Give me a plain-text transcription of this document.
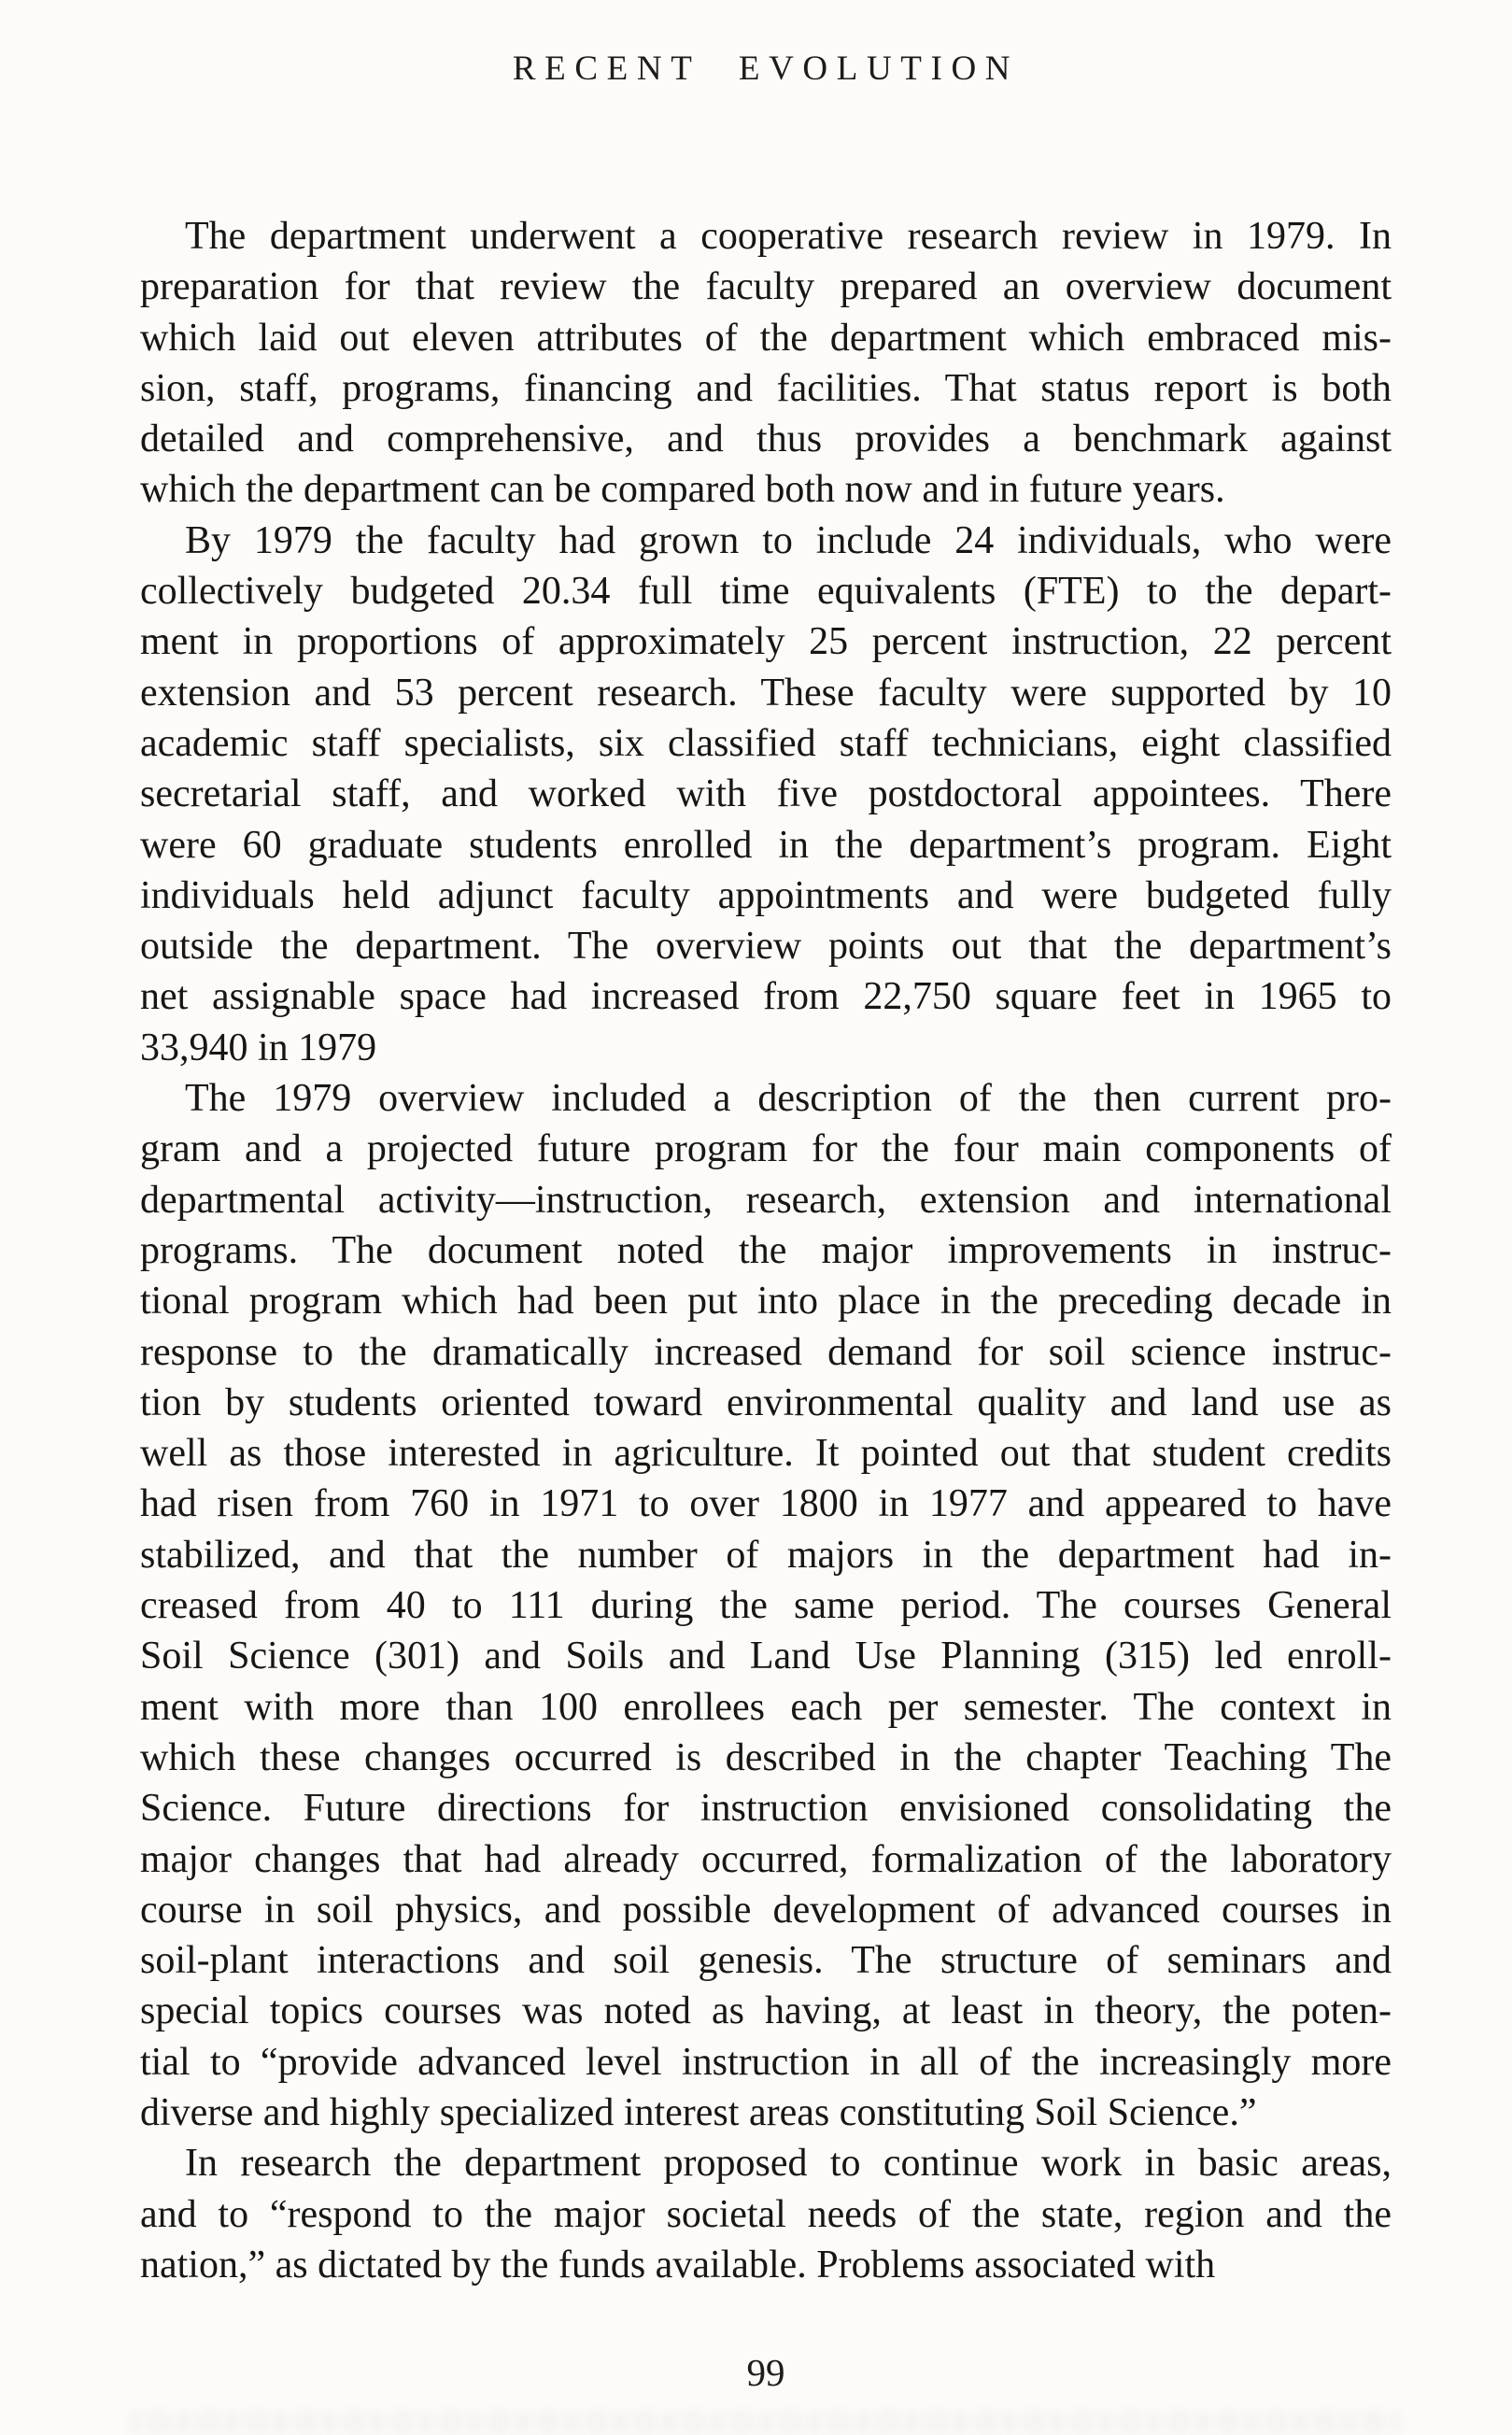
RECENT EVOLUTION
The department underwent a cooperative research review in 1979. In
preparation for that review the faculty prepared an overview document
which laid out eleven attributes of the department which embraced mis-
sion, staff, programs, financing and facilities. That status report is both
detailed and comprehensive, and thus provides a benchmark against
which the department can be compared both now and in future years.
By 1979 the faculty had grown to include 24 individuals, who were
collectively budgeted 20.34 full time equivalents (FTE) to the depart-
ment in proportions of approximately 25 percent instruction, 22 percent
extension and 53 percent research. These faculty were supported by 10
academic staff specialists, six classified staff technicians, eight classified
secretarial staff, and worked with five postdoctoral appointees. There
were 60 graduate students enrolled in the department’s program. Eight
individuals held adjunct faculty appointments and were budgeted fully
outside the department. The overview points out that the department’s
net assignable space had increased from 22,750 square feet in 1965 to
33,940 in 1979
The 1979 overview included a description of the then current pro-
gram and a projected future program for the four main components of
departmental activity—instruction, research, extension and international
programs. The document noted the major improvements in instruc-
tional program which had been put into place in the preceding decade in
response to the dramatically increased demand for soil science instruc-
tion by students oriented toward environmental quality and land use as
well as those interested in agriculture. It pointed out that student credits
had risen from 760 in 1971 to over 1800 in 1977 and appeared to have
stabilized, and that the number of majors in the department had in-
creased from 40 to 111 during the same period. The courses General
Soil Science (301) and Soils and Land Use Planning (315) led enroll-
ment with more than 100 enrollees each per semester. The context in
which these changes occurred is described in the chapter Teaching The
Science. Future directions for instruction envisioned consolidating the
major changes that had already occurred, formalization of the laboratory
course in soil physics, and possible development of advanced courses in
soil-plant interactions and soil genesis. The structure of seminars and
special topics courses was noted as having, at least in theory, the poten-
tial to “provide advanced level instruction in all of the increasingly more
diverse and highly specialized interest areas constituting Soil Science.”
In research the department proposed to continue work in basic areas,
and to “respond to the major societal needs of the state, region and the
nation,” as dictated by the funds available. Problems associated with
99
